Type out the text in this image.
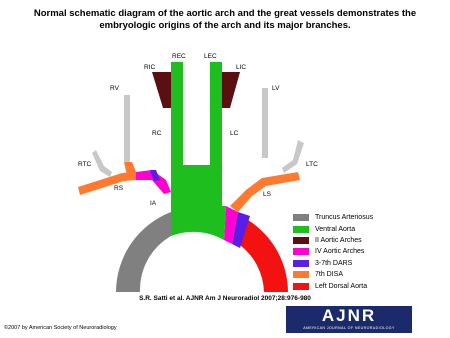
Normal schematic diagram of the aortic arch and the great vessels demonstrates the
embryologic origins of the arch and its major branches.
REC	LEC
RIC	LIC
RV	LV
RC	LC
RTC	LTC
RS
LS
IA
Truncus Arteriosus
Ventral Aorta
II Aortic Arches
IV Aortic Arches
3-7th DARS
7th DISA
Left Dorsal Aorta
S.R. Satti et al. AJNR Am J Neuroradiol 2007;28:976-980
AJNR
AMERICAN JOURNAL OF NEURORADIOLOGY
©2007 by American Society of Neuroradiology
